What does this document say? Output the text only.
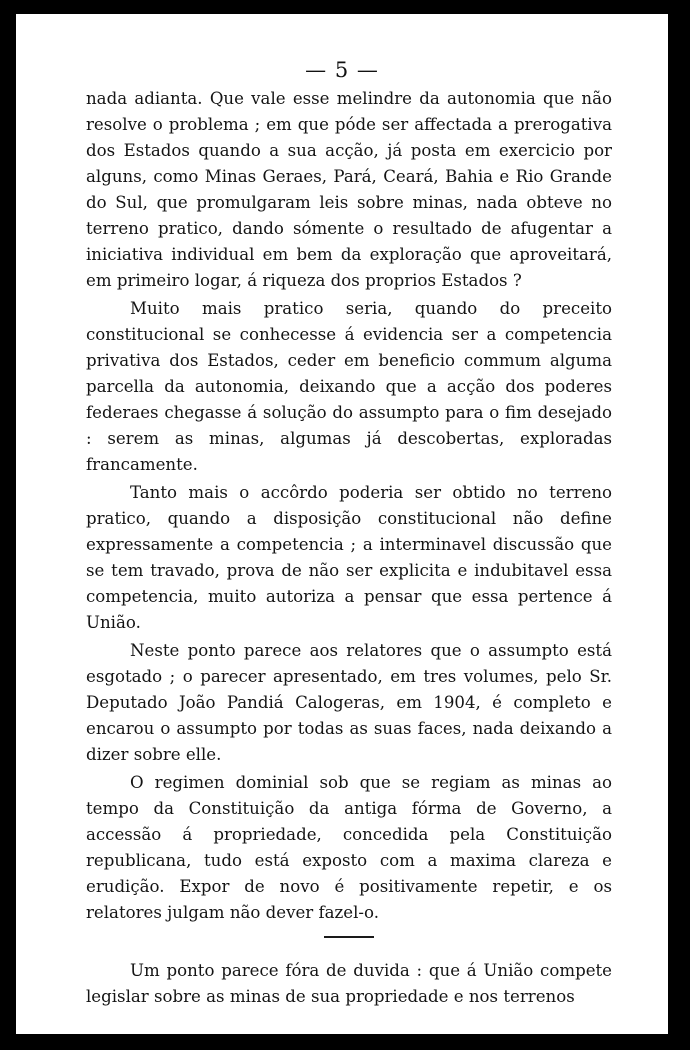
— 5 —

nada adianta. Que vale esse melindre da autonomia que não resolve o problema ; em que póde ser affectada a prerogativa dos Estados quando a sua acção, já posta em exercicio por alguns, como Minas Geraes, Pará, Ceará, Bahia e Rio Grande do Sul, que promulgaram leis sobre minas, nada obteve no terreno pratico, dando sómente o resultado de afugentar a iniciativa individual em bem da exploração que aproveitará, em primeiro logar, á riqueza dos proprios Estados ?

Muito mais pratico seria, quando do preceito constitucional se conhecesse á evidencia ser a competencia privativa dos Estados, ceder em beneficio commum alguma parcella da autonomia, deixando que a acção dos poderes federaes chegasse á solução do assumpto para o fim desejado : serem as minas, algumas já descobertas, exploradas francamente.

Tanto mais o accôrdo poderia ser obtido no terreno pratico, quando a disposição constitucional não define expressamente a competencia ; a interminavel discussão que se tem travado, prova de não ser explicita e indubitavel essa competencia, muito autoriza a pensar que essa pertence á União.

Neste ponto parece aos relatores que o assumpto está esgotado ; o parecer apresentado, em tres volumes, pelo Sr. Deputado João Pandiá Calogeras, em 1904, é completo e encarou o assumpto por todas as suas faces, nada deixando a dizer sobre elle.

O regimen dominial sob que se regiam as minas ao tempo da Constituição da antiga fórma de Governo, a accessão á propriedade, concedida pela Constituição republicana, tudo está exposto com a maxima clareza e erudição. Expor de novo é positivamente repetir, e os relatores julgam não dever fazel-o.

Um ponto parece fóra de duvida : que á União compete legislar sobre as minas de sua propriedade e nos terrenos
